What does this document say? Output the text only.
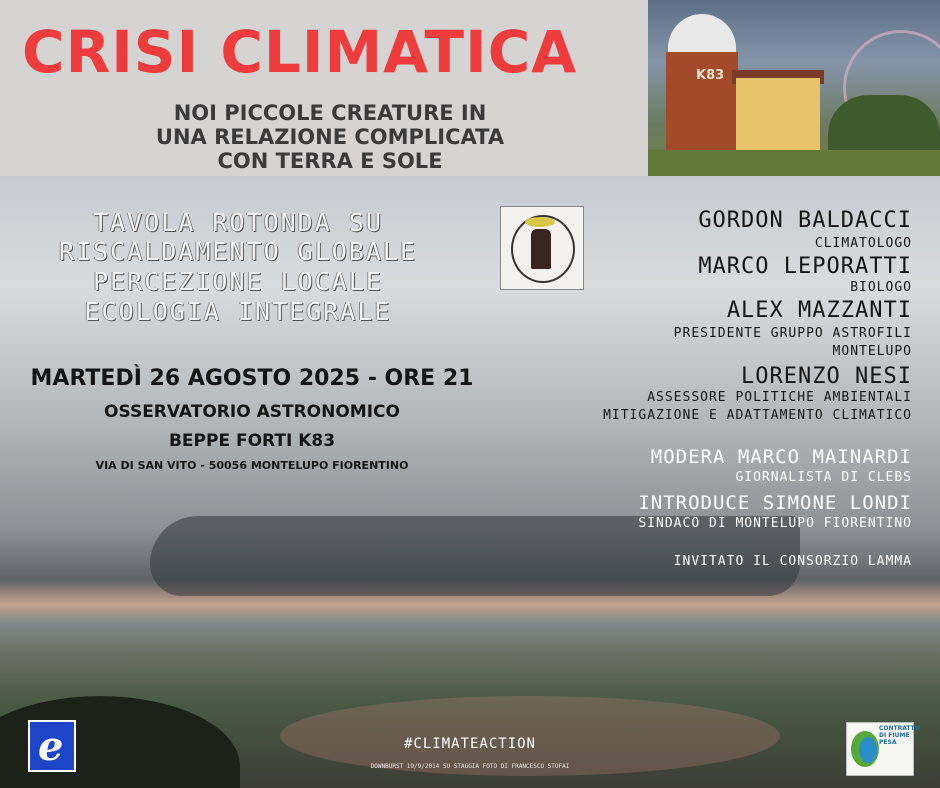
CRISI CLIMATICA
NOI PICCOLE CREATURE IN
UNA RELAZIONE COMPLICATA
CON TERRA E SOLE
K83
TAVOLA ROTONDA SU
RISCALDAMENTO GLOBALE
PERCEZIONE LOCALE
ECOLOGIA INTEGRALE
MARTEDÌ 26 AGOSTO 2025 - ORE 21
OSSERVATORIO ASTRONOMICO
BEPPE FORTI K83
VIA DI SAN VITO - 50056 MONTELUPO FIORENTINO
GORDON BALDACCI
CLIMATOLOGO
MARCO LEPORATTI
BIOLOGO
ALEX MAZZANTI
PRESIDENTE GRUPPO ASTROFILI
MONTELUPO
LORENZO NESI
ASSESSORE POLITICHE AMBIENTALI
MITIGAZIONE E ADATTAMENTO CLIMATICO
MODERA MARCO MAINARDI
GIORNALISTA DI CLEBS
INTRODUCE SIMONE LONDI
SINDACO DI MONTELUPO FIORENTINO
INVITATO IL CONSORZIO LAMMA
#CLIMATEACTION
DOWNBURST 19/9/2014 SU STAGGIA FOTO DI FRANCESCO STOFAI
e	CONTRATTO DI FIUME PESA
